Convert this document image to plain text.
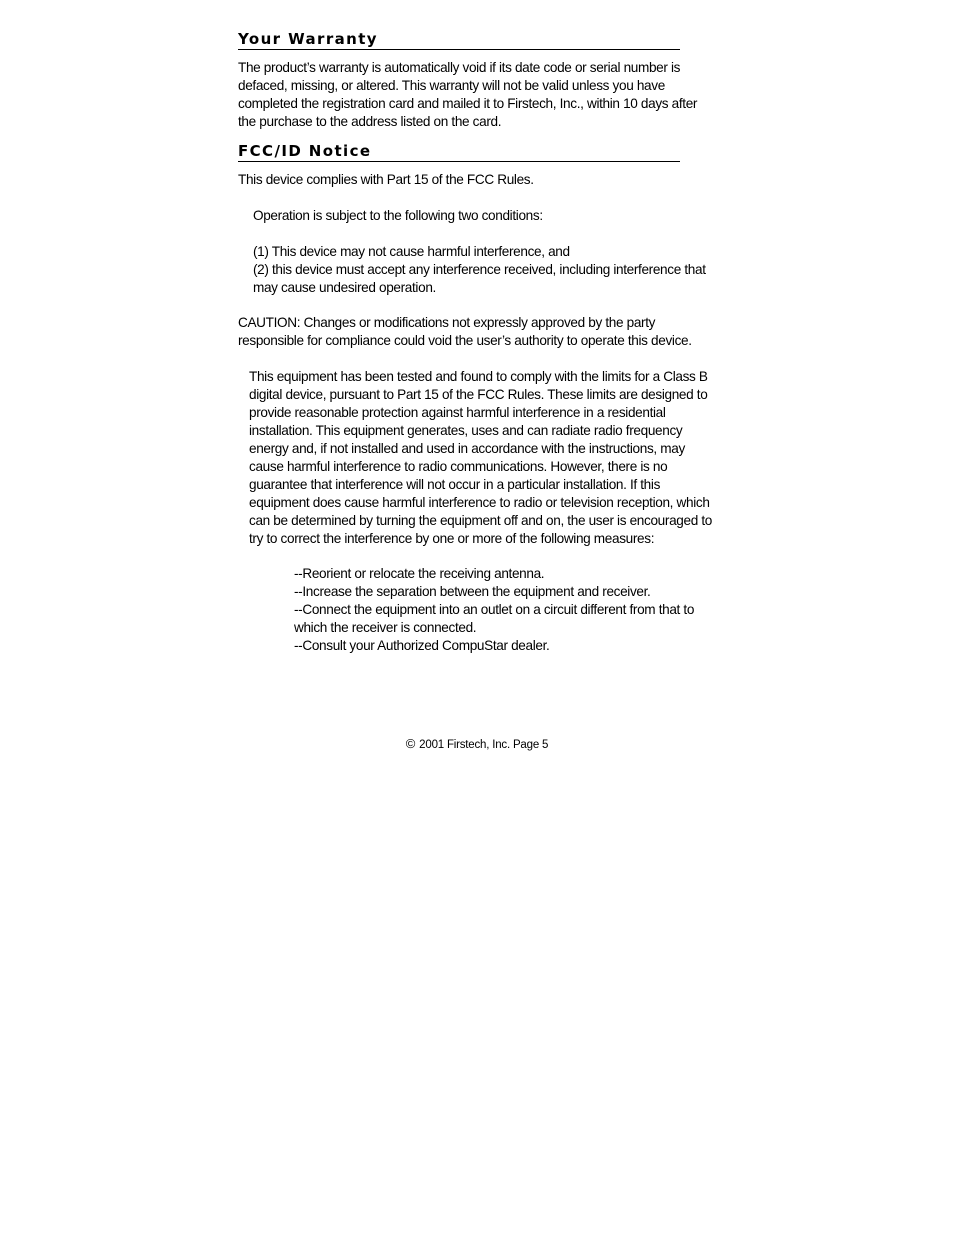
Your Warranty

The product’s warranty is automatically void if its date code or serial number is
defaced, missing, or altered. This warranty will not be valid unless you have
completed the registration card and mailed it to Firstech, Inc., within 10 days after
the purchase to the address listed on the card.

FCC/ID Notice

This device complies with Part 15 of the FCC Rules.

Operation is subject to the following two conditions:

(1) This device may not cause harmful interference, and
(2) this device must accept any interference received, including interference that
may cause undesired operation.

CAUTION: Changes or modifications not expressly approved by the party
responsible for compliance could void the user’s authority to operate this device.

This equipment has been tested and found to comply with the limits for a Class B
digital device, pursuant to Part 15 of the FCC Rules. These limits are designed to
provide reasonable protection against harmful interference in a residential
installation. This equipment generates, uses and can radiate radio frequency
energy and, if not installed and used in accordance with the instructions, may
cause harmful interference to radio communications. However, there is no
guarantee that interference will not occur in a particular installation. If this
equipment does cause harmful interference to radio or television reception, which
can be determined by turning the equipment off and on, the user is encouraged to
try to correct the interference by one or more of the following measures:

--Reorient or relocate the receiving antenna.
--Increase the separation between the equipment and receiver.
--Connect the equipment into an outlet on a circuit different from that to which the receiver is connected.
--Consult your Authorized CompuStar dealer.
© 2001 Firstech, Inc. Page 5
